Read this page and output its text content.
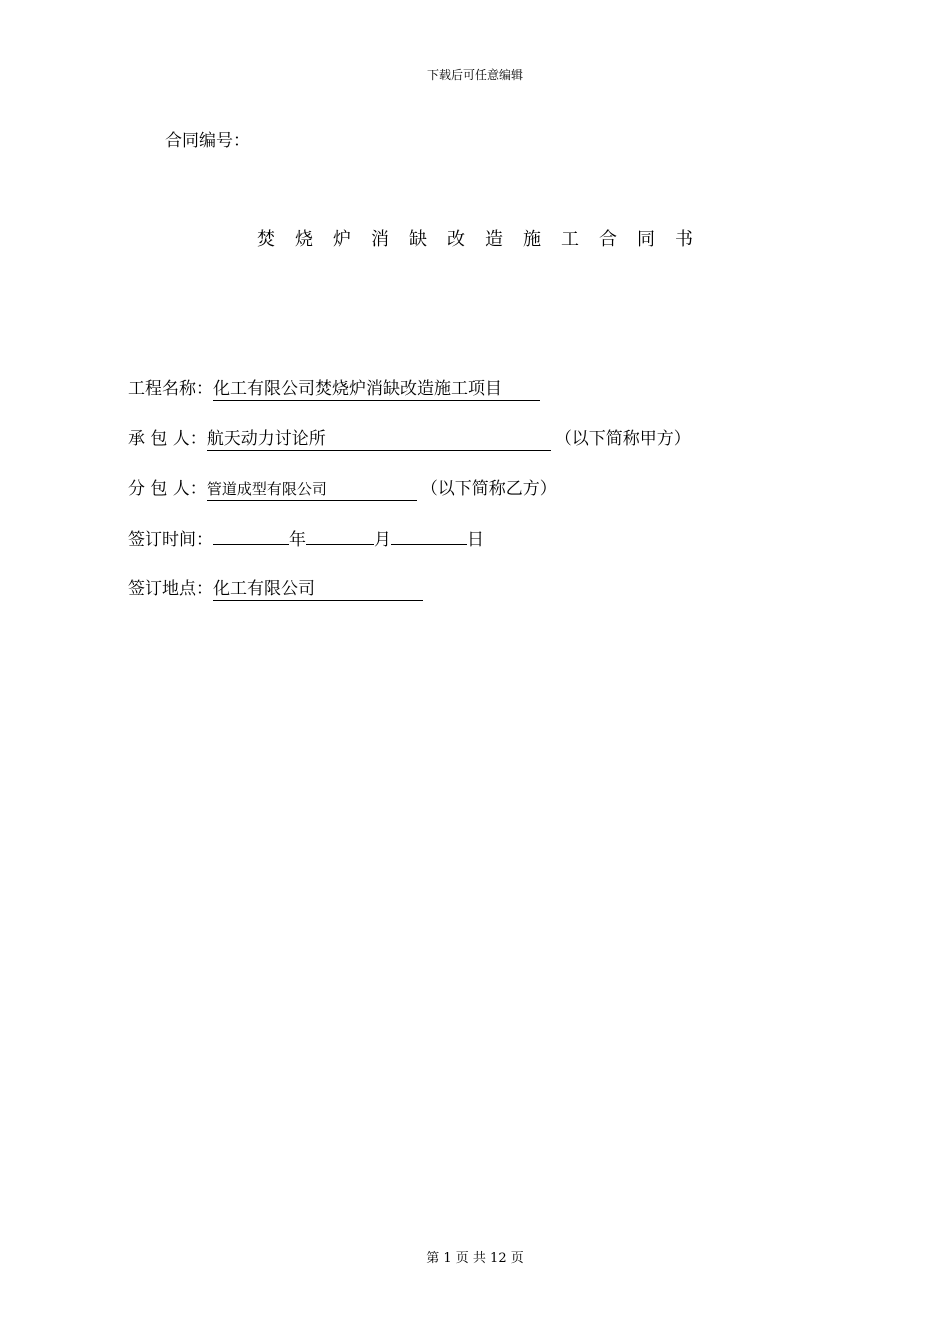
下载后可任意编辑
合同编号：
焚烧炉消缺改造施工合同书
工程名称： 化工有限公司焚烧炉消缺改造施工项目
承 包 人： 航天动力讨论所	（以下简称甲方）
分 包 人： 管道成型有限公司	（以下简称乙方）
签订时间：	年	月	日
签订地点： 化工有限公司
第 1 页 共 12 页
